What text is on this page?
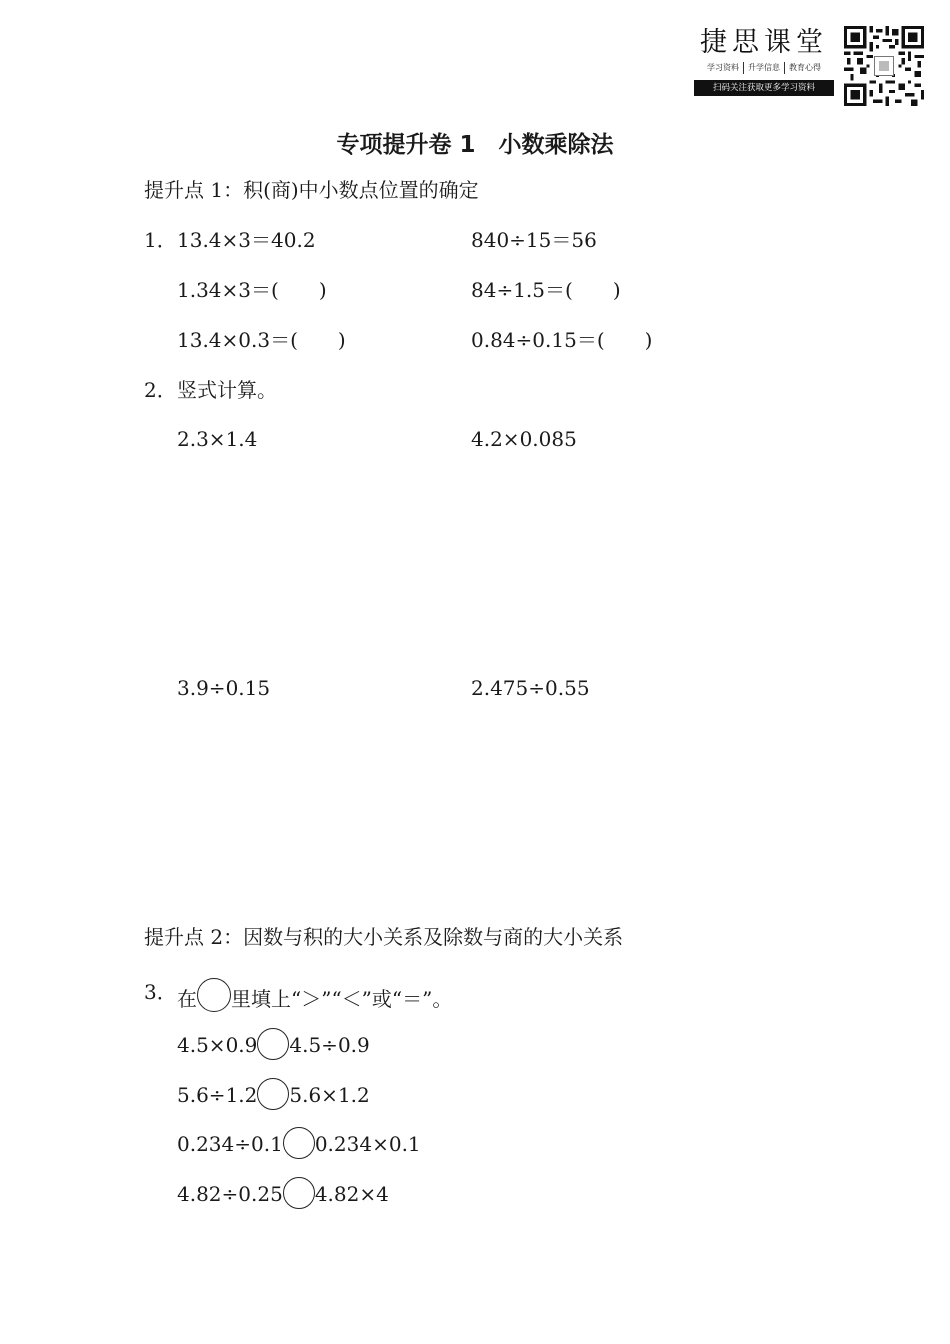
捷思课堂
学习资料	升学信息	教育心得
扫码关注获取更多学习资料
专项提升卷 1　小数乘除法
提升点 1：积(商)中小数点位置的确定
1． 13.4×3＝40.2	840÷15＝56
1.34×3＝(　　)	84÷1.5＝(　　)
13.4×0.3＝(　　)	0.84÷0.15＝(　　)
2． 竖式计算。
2.3×1.4	4.2×0.085
3.9÷0.15	2.475÷0.55
提升点 2：因数与积的大小关系及除数与商的大小关系
3． 在 里填上“＞”“＜”或“＝”。
4.5×0.9 4.5÷0.9
5.6÷1.2 5.6×1.2
0.234÷0.1 0.234×0.1
4.82÷0.25 4.82×4
